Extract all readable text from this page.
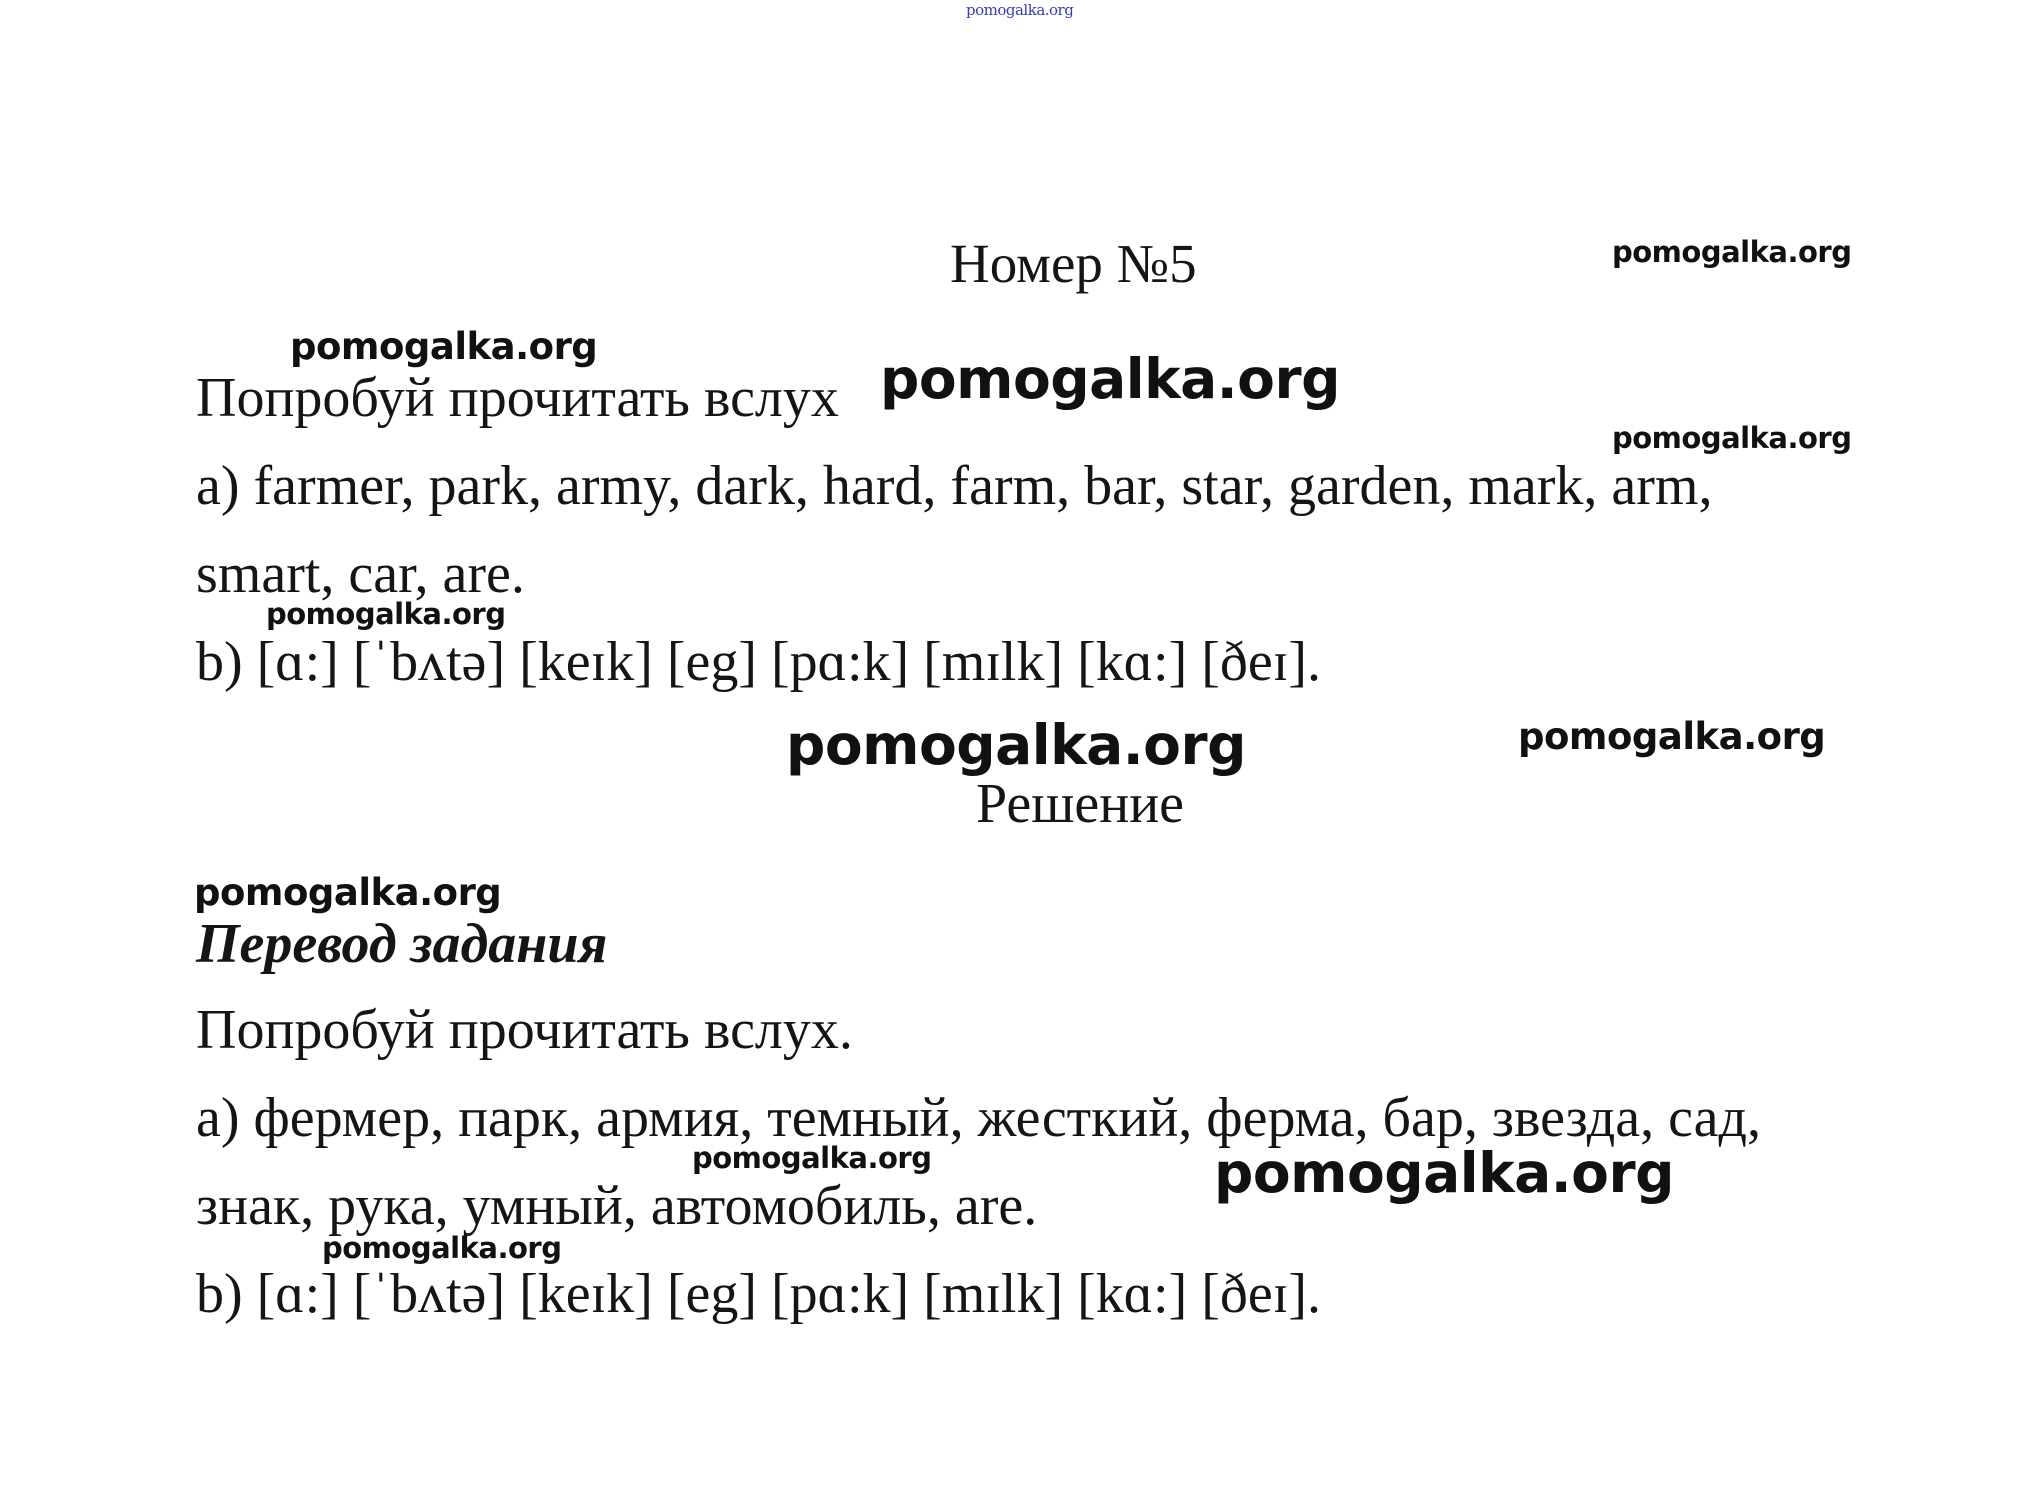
pomogalka.org
Номер №5	pomogalka.org
pomogalka.org
Попробуй прочитать вслух pomogalka.org
pomogalka.org
a) farmer, park, army, dark, hard, farm, bar, star, garden, mark, arm,
smart, car, are.
pomogalka.org
b) [ɑ:] [ˈbʌtə] [keɪk] [eg] [pɑ:k] [mɪlk] [kɑ:] [ðeɪ].
pomogalka.org	pomogalka.org
Решение
pomogalka.org
Перевод задания
Попробуй прочитать вслух.
a) фермер, парк, армия, темный, жесткий, ферма, бар, звезда, сад,
pomogalka.org
знак, рука, умный, автомобиль, are.
pomogalka.org
pomogalka.org
b) [ɑ:] [ˈbʌtə] [keɪk] [eg] [pɑ:k] [mɪlk] [kɑ:] [ðeɪ].
